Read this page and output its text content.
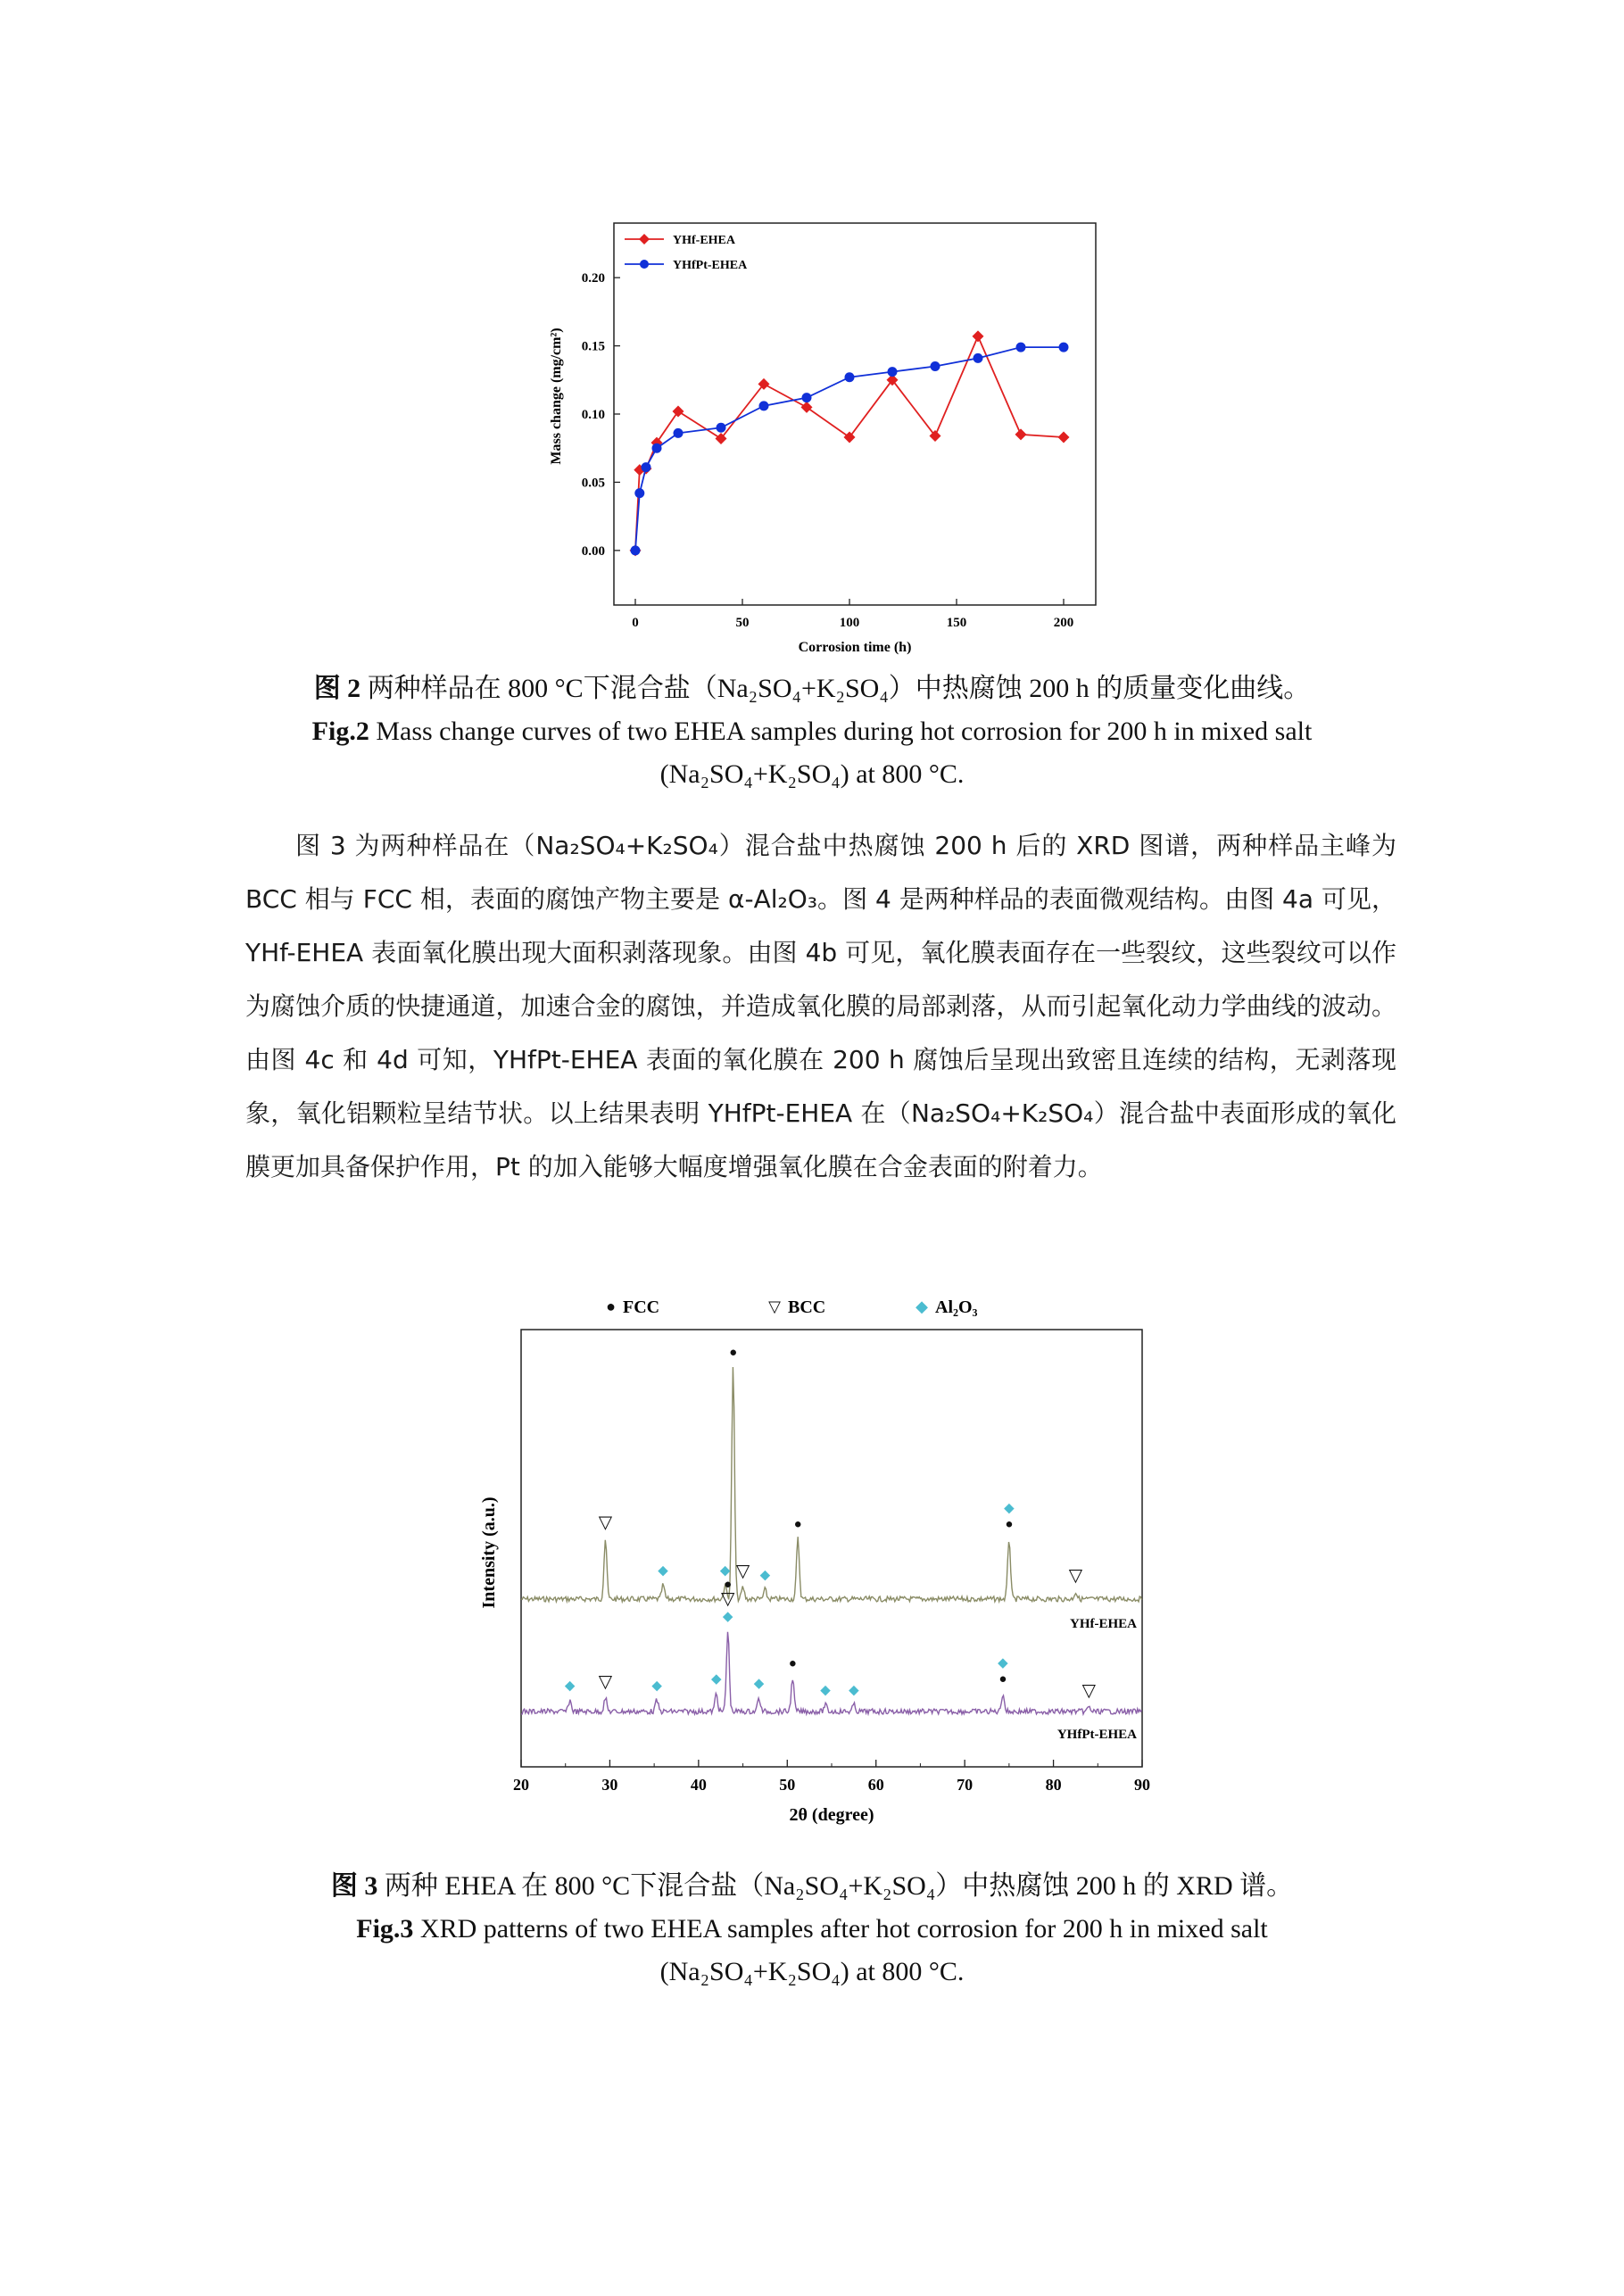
0	50	100	150	200
0.00
0.05
0.10
0.15
0.20
Corrosion time (h)
Mass change (mg/cm²)
YHf-EHEA
YHfPt-EHEA
图 2 两种样品在 800 °C下混合盐（Na₂SO₄+K₂SO₄）中热腐蚀 200 h 的质量变化曲线。
Fig.2 Mass change curves of two EHEA samples during hot corrosion for 200 h in mixed salt
(Na₂SO₄+K₂SO₄) at 800 °C.

图 3 为两种样品在（Na₂SO₄+K₂SO₄）混合盐中热腐蚀 200 h 后的 XRD 图谱，两种样品主峰为 BCC 相与 FCC 相，表面的腐蚀产物主要是 α-Al₂O₃。图 4 是两种样品的表面微观结构。由图 4a 可见，YHf-EHEA 表面氧化膜出现大面积剥落现象。由图 4b 可见，氧化膜表面存在一些裂纹，这些裂纹可以作为腐蚀介质的快捷通道，加速合金的腐蚀，并造成氧化膜的局部剥落，从而引起氧化动力学曲线的波动。由图 4c 和 4d 可知，YHfPt-EHEA 表面的氧化膜在 200 h 腐蚀后呈现出致密且连续的结构，无剥落现象，氧化铝颗粒呈结节状。以上结果表明 YHfPt-EHEA 在（Na₂SO₄+K₂SO₄）混合盐中表面形成的氧化膜更加具备保护作用，Pt 的加入能够大幅度增强氧化膜在合金表面的附着力。

20	30	40	50	60	70	80	90
2θ (degree)
Intensity (a.u.)
● FCC	▽ BCC	◆ Al₂O₃
YHf-EHEA
YHfPt-EHEA
▽
◆	◆
●
▽ ◆
●
◆
●
▽
◆ ▽	◆	◆
●
▽
◆
◆
●
◆ ◆
◆
●
▽
图 3 两种 EHEA 在 800 °C下混合盐（Na₂SO₄+K₂SO₄）中热腐蚀 200 h 的 XRD 谱。
Fig.3 XRD patterns of two EHEA samples after hot corrosion for 200 h in mixed salt
(Na₂SO₄+K₂SO₄) at 800 °C.
